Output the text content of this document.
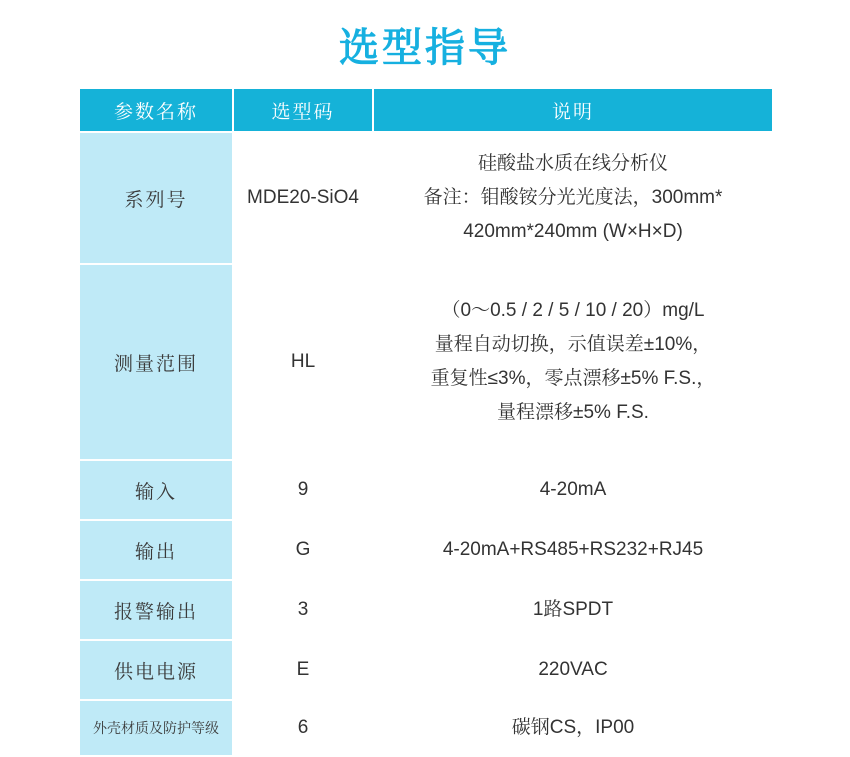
选型指导
参数名称	选型码	说明
系列号	MDE20-SiO4	硅酸盐水质在线分析仪
备注：钼酸铵分光光度法，300mm*
420mm*240mm (W×H×D)

测量范围	HL	（0～0.5 / 2 / 5 / 10 / 20）mg/L
量程自动切换，示值误差±10%，
重复性≤3%，零点漂移±5% F.S.，
量程漂移±5% F.S.

输入	9	4-20mA
输出	G	4-20mA+RS485+RS232+RJ45
报警输出	3	1路SPDT
供电电源	E	220VAC
外壳材质及防护等级	6	碳钢CS，IP00
